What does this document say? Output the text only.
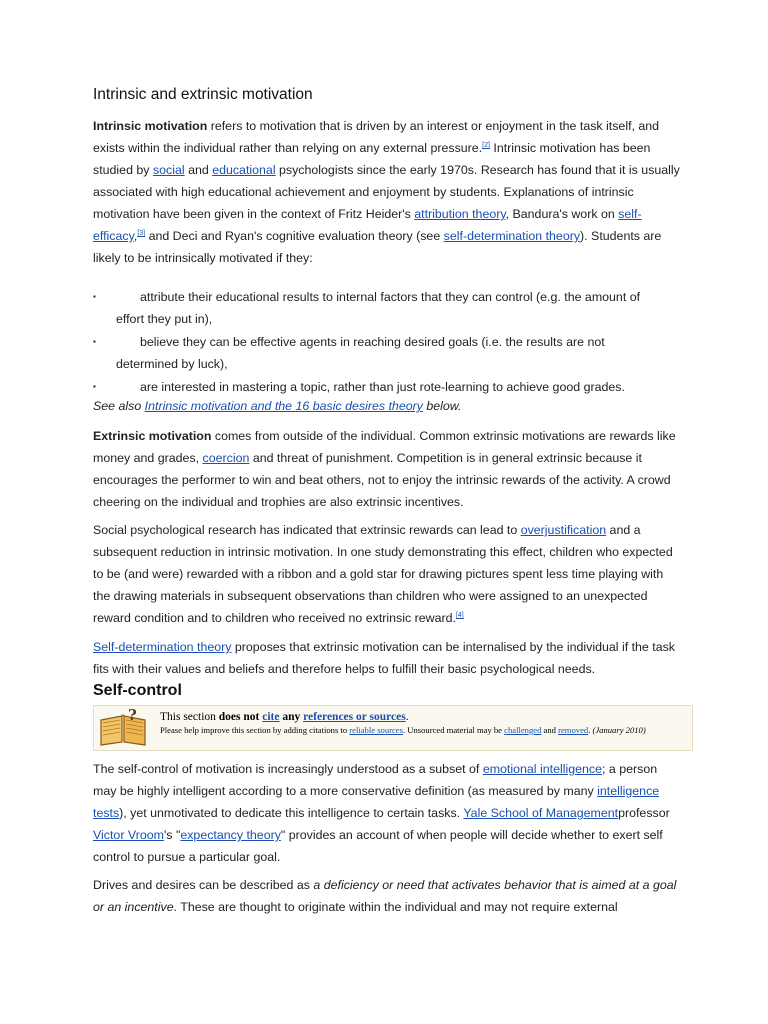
Intrinsic and extrinsic motivation
Intrinsic motivation refers to motivation that is driven by an interest or enjoyment in the task itself, and exists within the individual rather than relying on any external pressure.[2] Intrinsic motivation has been studied by social and educational psychologists since the early 1970s. Research has found that it is usually associated with high educational achievement and enjoyment by students. Explanations of intrinsic motivation have been given in the context of Fritz Heider's attribution theory, Bandura's work on self-efficacy,[3] and Deci and Ryan's cognitive evaluation theory (see self-determination theory). Students are likely to be intrinsically motivated if they:
▪	attribute their educational results to internal factors that they can control (e.g. the amount of
effort they put in),
▪	believe they can be effective agents in reaching desired goals (i.e. the results are not
determined by luck),
▪	are interested in mastering a topic, rather than just rote-learning to achieve good grades.
See also Intrinsic motivation and the 16 basic desires theory below.
Extrinsic motivation comes from outside of the individual. Common extrinsic motivations are rewards like money and grades, coercion and threat of punishment. Competition is in general extrinsic because it encourages the performer to win and beat others, not to enjoy the intrinsic rewards of the activity. A crowd cheering on the individual and trophies are also extrinsic incentives.
Social psychological research has indicated that extrinsic rewards can lead to overjustification and a subsequent reduction in intrinsic motivation. In one study demonstrating this effect, children who expected to be (and were) rewarded with a ribbon and a gold star for drawing pictures spent less time playing with the drawing materials in subsequent observations than children who were assigned to an unexpected reward condition and to children who received no extrinsic reward.[4]
Self-determination theory proposes that extrinsic motivation can be internalised by the individual if the task fits with their values and beliefs and therefore helps to fulfill their basic psychological needs.
Self-control
? This section does not cite any references or sources.
Please help improve this section by adding citations to reliable sources. Unsourced material may be challenged and removed. (January 2010)
The self-control of motivation is increasingly understood as a subset of emotional intelligence; a person may be highly intelligent according to a more conservative definition (as measured by many intelligence tests), yet unmotivated to dedicate this intelligence to certain tasks. Yale School of Managementprofessor Victor Vroom's "expectancy theory" provides an account of when people will decide whether to exert self control to pursue a particular goal.
Drives and desires can be described as a deficiency or need that activates behavior that is aimed at a goal or an incentive. These are thought to originate within the individual and may not require external
